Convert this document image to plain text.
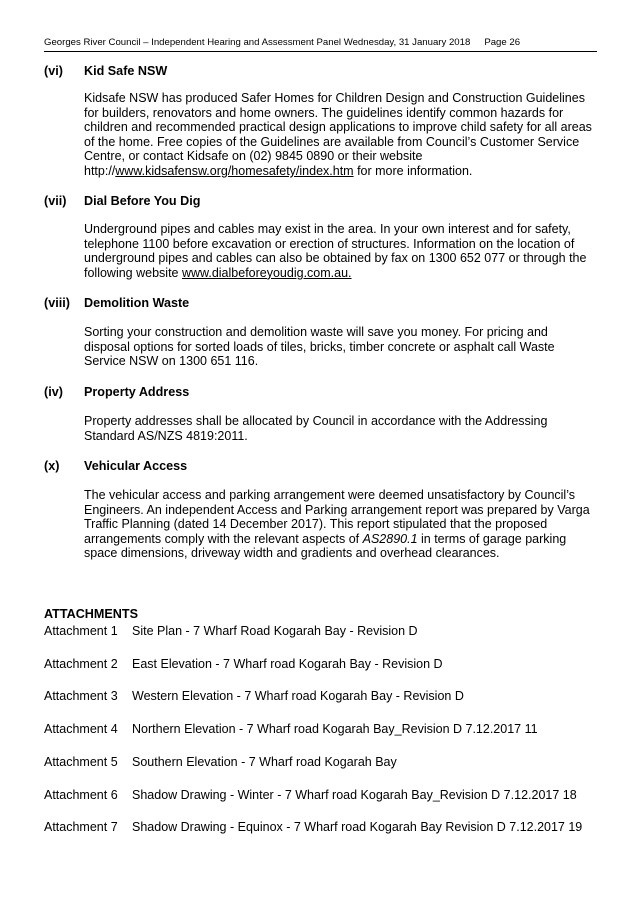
Georges River Council – Independent Hearing and Assessment Panel Wednesday, 31 January 2018 Page 26
(vi) Kid Safe NSW
Kidsafe NSW has produced Safer Homes for Children Design and Construction Guidelines for builders, renovators and home owners. The guidelines identify common hazards for children and recommended practical design applications to improve child safety for all areas of the home. Free copies of the Guidelines are available from Council’s Customer Service Centre, or contact Kidsafe on (02) 9845 0890 or their website http://www.kidsafensw.org/homesafety/index.htm for more information.
(vii) Dial Before You Dig
Underground pipes and cables may exist in the area. In your own interest and for safety, telephone 1100 before excavation or erection of structures. Information on the location of underground pipes and cables can also be obtained by fax on 1300 652 077 or through the following website www.dialbeforeyoudig.com.au.
(viii) Demolition Waste
Sorting your construction and demolition waste will save you money. For pricing and disposal options for sorted loads of tiles, bricks, timber concrete or asphalt call Waste Service NSW on 1300 651 116.
(iv) Property Address
Property addresses shall be allocated by Council in accordance with the Addressing Standard AS/NZS 4819:2011.
(x) Vehicular Access
The vehicular access and parking arrangement were deemed unsatisfactory by Council’s Engineers. An independent Access and Parking arrangement report was prepared by Varga Traffic Planning (dated 14 December 2017). This report stipulated that the proposed arrangements comply with the relevant aspects of AS2890.1 in terms of garage parking space dimensions, driveway width and gradients and overhead clearances.
ATTACHMENTS
Attachment 1	Site Plan - 7 Wharf Road Kogarah Bay - Revision D
Attachment 2	East Elevation - 7 Wharf road Kogarah Bay - Revision D
Attachment 3	Western Elevation - 7 Wharf road Kogarah Bay - Revision D
Attachment 4	Northern Elevation - 7 Wharf road Kogarah Bay_Revision D 7.12.2017 11
Attachment 5	Southern Elevation - 7 Wharf road Kogarah Bay
Attachment 6	Shadow Drawing - Winter - 7 Wharf road Kogarah Bay_Revision D 7.12.2017 18
Attachment 7	Shadow Drawing - Equinox - 7 Wharf road Kogarah Bay Revision D 7.12.2017 19
